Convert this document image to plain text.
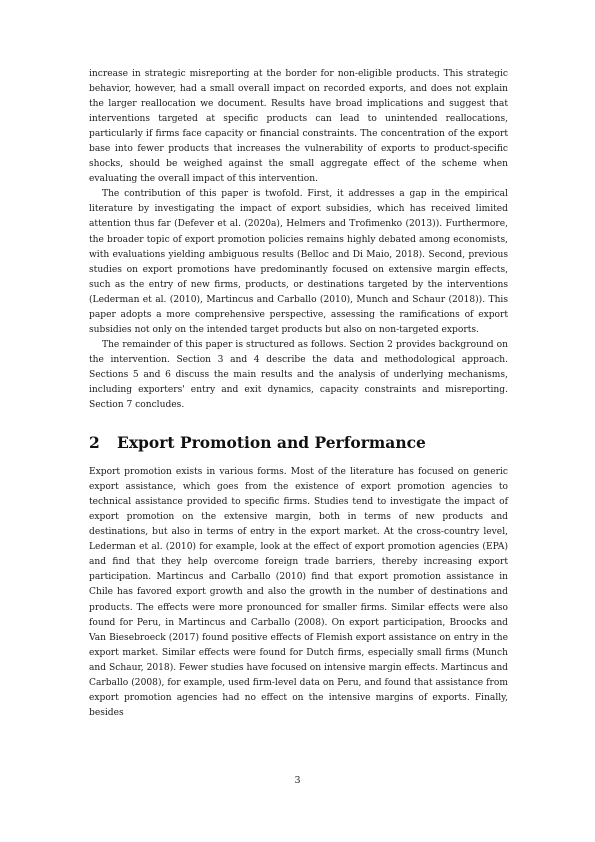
increase in strategic misreporting at the border for non-eligible products. This strategic behavior, however, had a small overall impact on recorded exports, and does not explain the larger reallocation we document. Results have broad implications and suggest that interventions targeted at specific products can lead to unintended reallocations, particularly if firms face capacity or financial constraints. The concentration of the export base into fewer products that increases the vulnerability of exports to product-specific shocks, should be weighed against the small aggregate effect of the scheme when evaluating the overall impact of this intervention.

The contribution of this paper is twofold. First, it addresses a gap in the empirical literature by investigating the impact of export subsidies, which has received limited attention thus far (Defever et al. (2020a), Helmers and Trofimenko (2013)). Furthermore, the broader topic of export promotion policies remains highly debated among economists, with evaluations yielding ambiguous results (Belloc and Di Maio, 2018). Second, previous studies on export promotions have predominantly focused on extensive margin effects, such as the entry of new firms, products, or destinations targeted by the interventions (Lederman et al. (2010), Martincus and Carballo (2010), Munch and Schaur (2018)). This paper adopts a more comprehensive perspective, assessing the ramifications of export subsidies not only on the intended target products but also on non-targeted exports.

The remainder of this paper is structured as follows. Section 2 provides background on the intervention. Section 3 and 4 describe the data and methodological approach. Sections 5 and 6 discuss the main results and the analysis of underlying mechanisms, including exporters' entry and exit dynamics, capacity constraints and misreporting. Section 7 concludes.

2 Export Promotion and Performance

Export promotion exists in various forms. Most of the literature has focused on generic export assistance, which goes from the existence of export promotion agencies to technical assistance provided to specific firms. Studies tend to investigate the impact of export promotion on the extensive margin, both in terms of new products and destinations, but also in terms of entry in the export market. At the cross-country level, Lederman et al. (2010) for example, look at the effect of export promotion agencies (EPA) and find that they help overcome foreign trade barriers, thereby increasing export participation. Martincus and Carballo (2010) find that export promotion assistance in Chile has favored export growth and also the growth in the number of destinations and products. The effects were more pronounced for smaller firms. Similar effects were also found for Peru, in Martincus and Carballo (2008). On export participation, Broocks and Van Biesebroeck (2017) found positive effects of Flemish export assistance on entry in the export market. Similar effects were found for Dutch firms, especially small firms (Munch and Schaur, 2018). Fewer studies have focused on intensive margin effects. Martincus and Carballo (2008), for example, used firm-level data on Peru, and found that assistance from export promotion agencies had no effect on the intensive margins of exports. Finally, besides

3
